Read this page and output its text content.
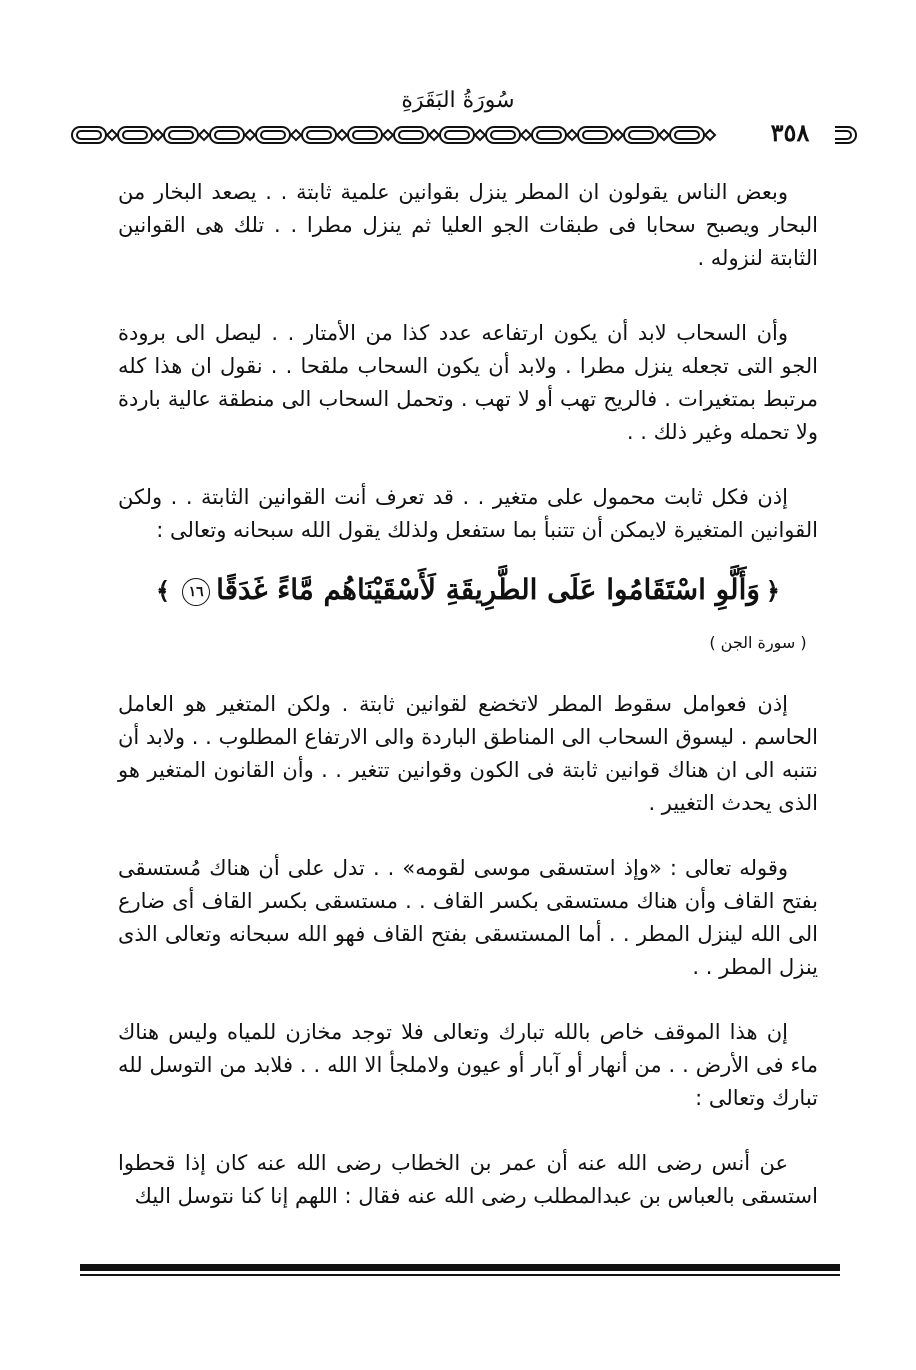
سُورَةُ البَقَرَةِ
٣٥٨

وبعض الناس يقولون ان المطر ينزل بقوانين علمية ثابتة . . يصعد البخار من البحار ويصبح سحابا فى طبقات الجو العليا ثم ينزل مطرا . . تلك هى القوانين الثابتة لنزوله .

وأن السحاب لابد أن يكون ارتفاعه عدد كذا من الأمتار . . ليصل الى برودة الجو التى تجعله ينزل مطرا . ولابد أن يكون السحاب ملقحا . . نقول ان هذا كله مرتبط بمتغيرات . فالريح تهب أو لا تهب . وتحمل السحاب الى منطقة عالية باردة ولا تحمله وغير ذلك . .

إذن فكل ثابت محمول على متغير . . قد تعرف أنت القوانين الثابتة . . ولكن القوانين المتغيرة لايمكن أن تتنبأ بما ستفعل ولذلك يقول الله سبحانه وتعالى :

﴿وَأَلَّوِ اسْتَقَامُوا عَلَى الطَّرِيقَةِ لَأَسْقَيْنَاهُم مَّاءً غَدَقًا١٦﴾

( سورة الجن )

إذن فعوامل سقوط المطر لاتخضع لقوانين ثابتة . ولكن المتغير هو العامل الحاسم . ليسوق السحاب الى المناطق الباردة والى الارتفاع المطلوب . . ولابد أن نتنبه الى ان هناك قوانين ثابتة فى الكون وقوانين تتغير . . وأن القانون المتغير هو الذى يحدث التغيير .

وقوله تعالى : «وإذ استسقى موسى لقومه» . . تدل على أن هناك مُستسقى بفتح القاف وأن هناك مستسقى بكسر القاف . . مستسقى بكسر القاف أى ضارع الى الله لينزل المطر . . أما المستسقى بفتح القاف فهو الله سبحانه وتعالى الذى ينزل المطر . .

إن هذا الموقف خاص بالله تبارك وتعالى فلا توجد مخازن للمياه وليس هناك ماء فى الأرض . . من أنهار أو آبار أو عيون ولاملجأ الا الله . . فلابد من التوسل لله تبارك وتعالى :

عن أنس رضى الله عنه أن عمر بن الخطاب رضى الله عنه كان إذا قحطوا استسقى بالعباس بن عبدالمطلب رضى الله عنه فقال : اللهم إنا كنا نتوسل اليك
